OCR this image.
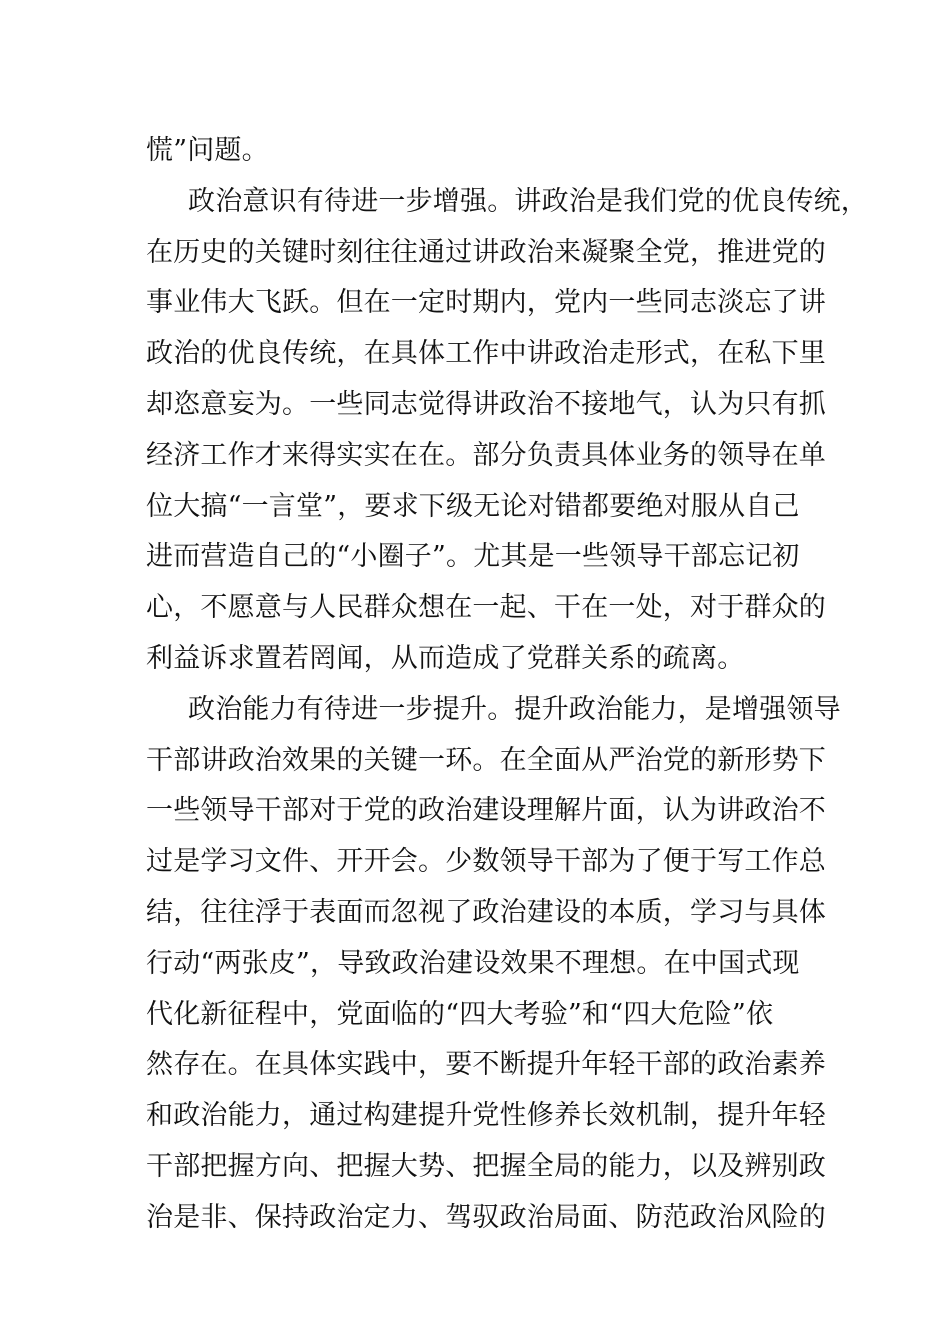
慌”问题。
政治意识有待进一步增强。讲政治是我们党的优良传统，
在历史的关键时刻往往通过讲政治来凝聚全党，推进党的
事业伟大飞跃。但在一定时期内，党内一些同志淡忘了讲
政治的优良传统，在具体工作中讲政治走形式，在私下里
却恣意妄为。一些同志觉得讲政治不接地气，认为只有抓
经济工作才来得实实在在。部分负责具体业务的领导在单
位大搞“一言堂”，要求下级无论对错都要绝对服从自己
进而营造自己的“小圈子”。尤其是一些领导干部忘记初
心，不愿意与人民群众想在一起、干在一处，对于群众的
利益诉求置若罔闻，从而造成了党群关系的疏离。
政治能力有待进一步提升。提升政治能力，是增强领导
干部讲政治效果的关键一环。在全面从严治党的新形势下
一些领导干部对于党的政治建设理解片面，认为讲政治不
过是学习文件、开开会。少数领导干部为了便于写工作总
结，往往浮于表面而忽视了政治建设的本质，学习与具体
行动“两张皮”，导致政治建设效果不理想。在中国式现
代化新征程中，党面临的“四大考验”和“四大危险”依
然存在。在具体实践中，要不断提升年轻干部的政治素养
和政治能力，通过构建提升党性修养长效机制，提升年轻
干部把握方向、把握大势、把握全局的能力，以及辨别政
治是非、保持政治定力、驾驭政治局面、防范政治风险的
